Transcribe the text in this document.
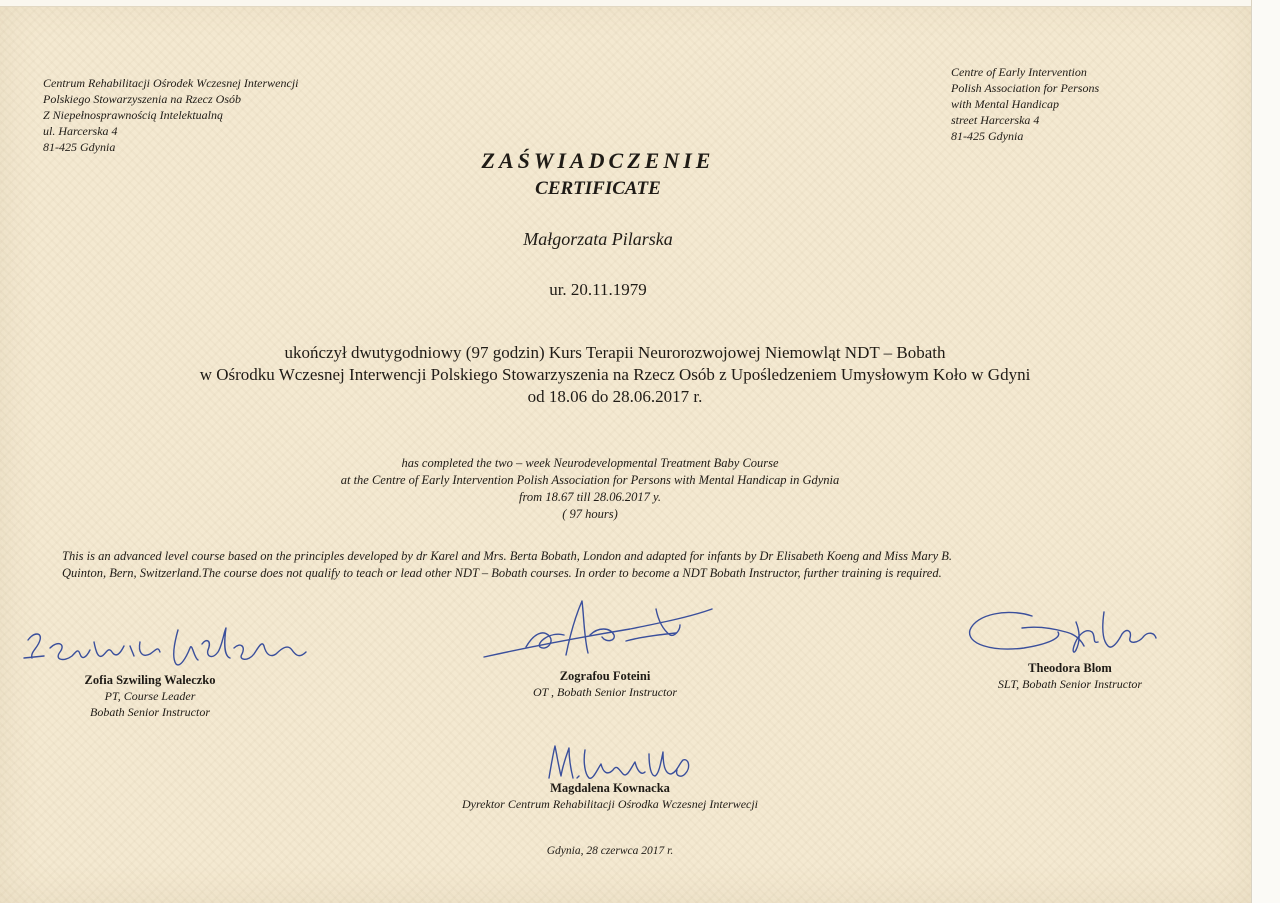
Centrum Rehabilitacji Ośrodek Wczesnej Interwencji
Polskiego Stowarzyszenia na Rzecz Osób
Z Niepełnosprawnością Intelektualną
ul. Harcerska 4
81-425 Gdynia
Centre of Early Intervention
Polish Association for Persons
with Mental Handicap
street Harcerska 4
81-425 Gdynia
ZAŚWIADCZENIE
CERTIFICATE
Małgorzata Pilarska
ur. 20.11.1979
ukończył dwutygodniowy (97 godzin) Kurs Terapii Neurorozwojowej Niemowląt NDT – Bobath
w Ośrodku Wczesnej Interwencji Polskiego Stowarzyszenia na Rzecz Osób z Upośledzeniem Umysłowym Koło w Gdyni
od 18.06 do 28.06.2017 r.
has completed the two – week Neurodevelopmental Treatment Baby Course
at the Centre of Early Intervention Polish Association for Persons with Mental Handicap in Gdynia
from 18.67 till 28.06.2017 y.
( 97 hours)
This is an advanced level course based on the principles developed by dr Karel and Mrs. Berta Bobath, London and adapted for infants by Dr Elisabeth Koeng and Miss Mary B.
Quinton, Bern, Switzerland.The course does not qualify to teach or lead other NDT – Bobath courses. In order to become a NDT Bobath Instructor, further training is required.
Zofia Szwiling Waleczko
PT, Course Leader
Bobath Senior Instructor
Zografou Foteini
OT , Bobath Senior Instructor
Theodora Blom
SLT, Bobath Senior Instructor
Magdalena Kownacka
Dyrektor Centrum Rehabilitacji Ośrodka Wczesnej Interwecji
Gdynia, 28 czerwca 2017 r.
